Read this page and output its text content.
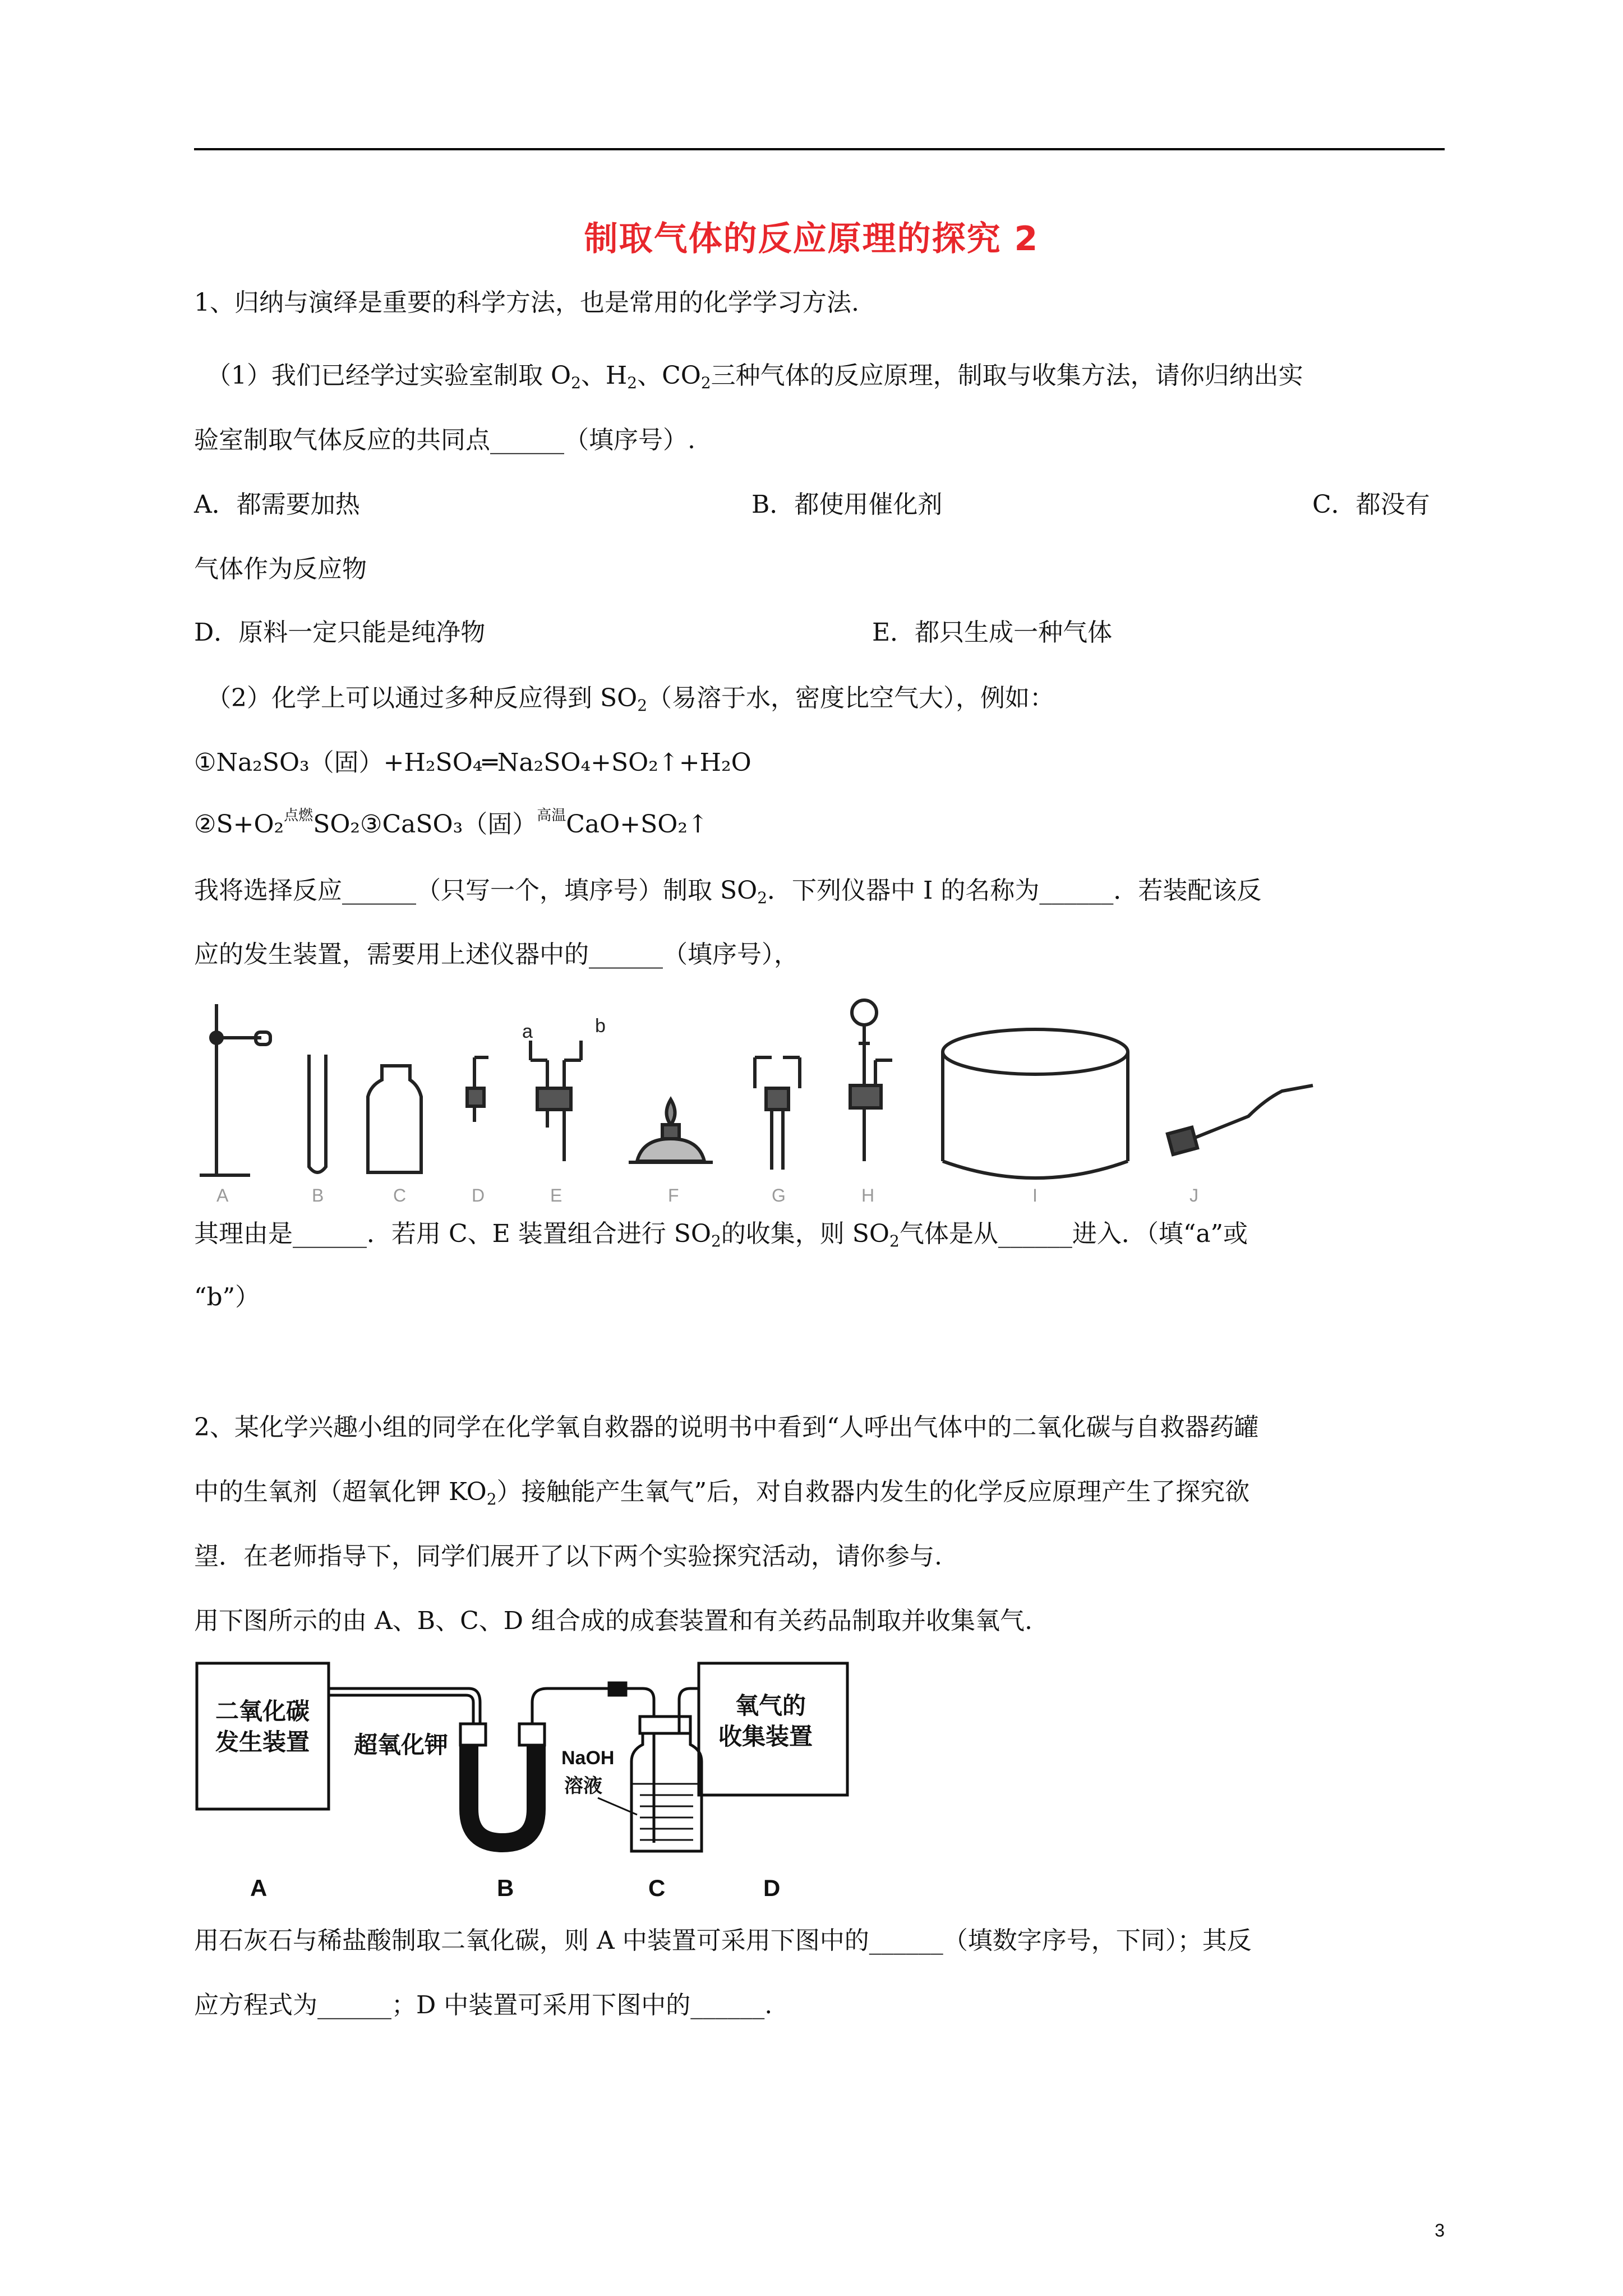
制取气体的反应原理的探究 2
1、归纳与演绎是重要的科学方法，也是常用的化学学习方法.
（1）我们已经学过实验室制取 $O_2$、$H_2$、$CO_2$三种气体的反应原理，制取与收集方法，请你归纳出实
验室制取气体反应的共同点______（填序号）.
A．都需要加热	B．都使用催化剂	C．都没有
气体作为反应物
D．原料一定只能是纯净物	E．都只生成一种气体
（2）化学上可以通过多种反应得到 $SO_2$（易溶于水，密度比空气大），例如：
①Na₂SO₃（固）+H₂SO₄═Na₂SO₄+SO₂↑+H₂O
②S+O₂$^{点燃}$SO₂③CaSO₃（固）$^{高温}$CaO+SO₂↑
我将选择反应______（只写一个，填序号）制取 $SO_2$．下列仪器中 I 的名称为______．若装配该反
应的发生装置，需要用上述仪器中的______（填序号），
a	b
A	B	C	D	E	F	G	H	I	J
其理由是______．若用 C、E 装置组合进行 $SO_2$的收集，则 $SO_2$气体是从______进入．（填“a”或
“b”）
2、某化学兴趣小组的同学在化学氧自救器的说明书中看到“人呼出气体中的二氧化碳与自救器药罐
中的生氧剂（超氧化钾 $KO_2$）接触能产生氧气”后，对自救器内发生的化学反应原理产生了探究欲
望．在老师指导下，同学们展开了以下两个实验探究活动，请你参与.
用下图所示的由 A、B、C、D 组合成的成套装置和有关药品制取并收集氧气.
二氧化碳
发生装置 超氧化钾
氧气的
收集装置
NaOH
溶液
A	B	C	D
用石灰石与稀盐酸制取二氧化碳，则 A 中装置可采用下图中的______（填数字序号，下同）；其反
应方程式为______；D 中装置可采用下图中的______.
3
